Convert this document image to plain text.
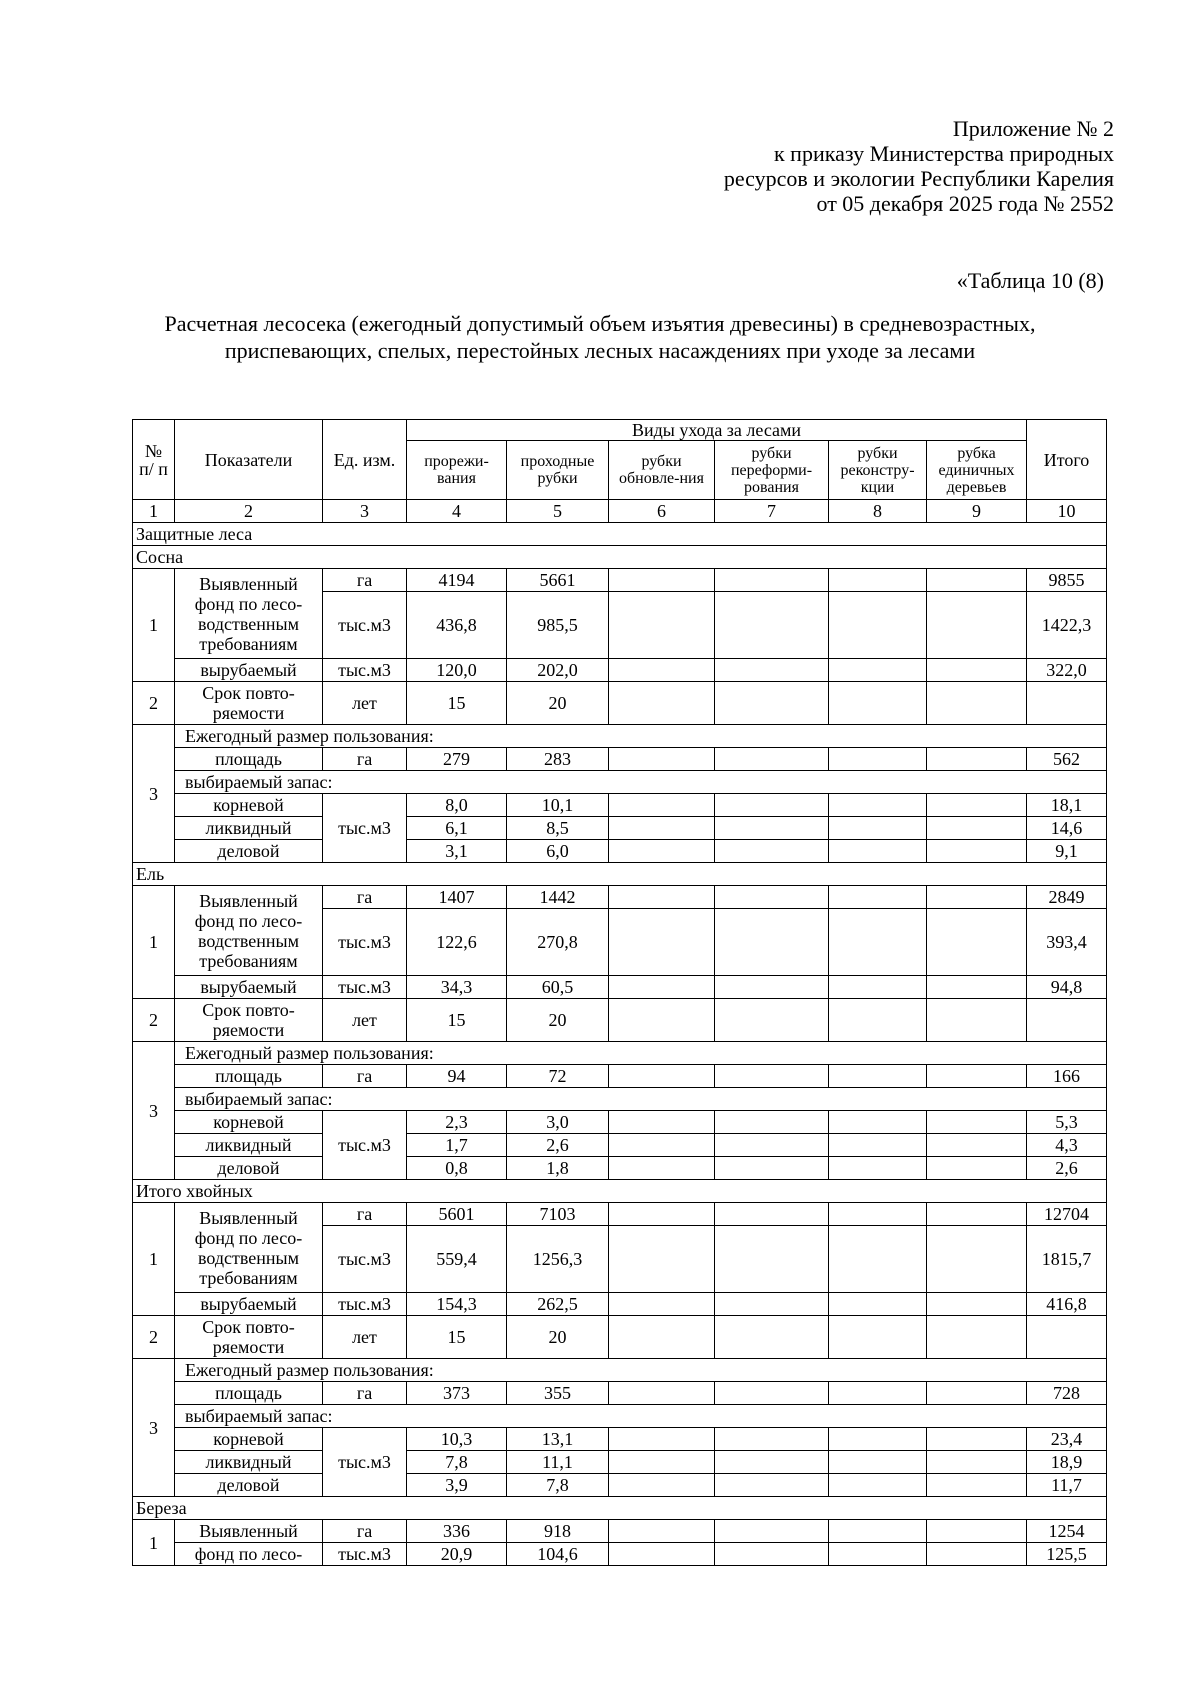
Приложение № 2
к приказу Министерства природных
ресурсов и экологии Республики Карелия
от 05 декабря 2025 года № 2552
«Таблица 10 (8)
Расчетная лесосека (ежегодный допустимый объем изъятия древесины) в средневозрастных,
приспевающих, спелых, перестойных лесных насаждениях при уходе за лесами
№ п/ п	Показатели	Ед. изм.	Виды ухода за лесами						Итого
			прорежи-вания	проходные рубки	рубки обновле-ния	рубки переформи-рования	рубки реконстру-кции	рубка единичных деревьев	
1	2	3	4	5	6	7	8	9	10
Защитные леса									
Сосна									
1	Выявленный фонд по лесо-водственным требованиям	га	4194	5661					9855
		тыс.м3	436,8	985,5					1422,3
	вырубаемый	тыс.м3	120,0	202,0					322,0
2	Срок повто-ряемости	лет	15	20					
3	Ежегодный размер пользования:								
	площадь	га	279	283					562
	выбираемый запас:								
	корневой	тыс.м3	8,0	10,1					18,1
	ликвидный		6,1	8,5					14,6
	деловой		3,1	6,0					9,1
Ель									
1	Выявленный фонд по лесо-водственным требованиям	га	1407	1442					2849
		тыс.м3	122,6	270,8					393,4
	вырубаемый	тыс.м3	34,3	60,5					94,8
2	Срок повто-ряемости	лет	15	20					
3	Ежегодный размер пользования:								
	площадь	га	94	72					166
	выбираемый запас:								
	корневой	тыс.м3	2,3	3,0					5,3
	ликвидный		1,7	2,6					4,3
	деловой		0,8	1,8					2,6
Итого хвойных									
1	Выявленный фонд по лесо-водственным требованиям	га	5601	7103					12704
		тыс.м3	559,4	1256,3					1815,7
	вырубаемый	тыс.м3	154,3	262,5					416,8
2	Срок повто-ряемости	лет	15	20					
3	Ежегодный размер пользования:								
	площадь	га	373	355					728
	выбираемый запас:								
	корневой	тыс.м3	10,3	13,1					23,4
	ликвидный		7,8	11,1					18,9
	деловой		3,9	7,8					11,7
Береза									
1	Выявленный	га	336	918					1254
	фонд по лесо-	тыс.м3	20,9	104,6					125,5
